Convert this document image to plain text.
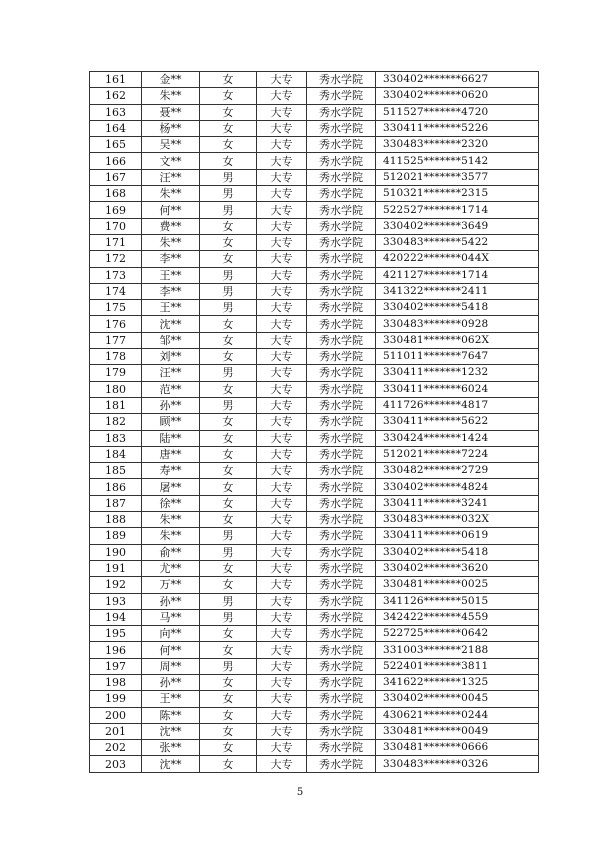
161	金**	女	大专	秀水学院	330402*******6627
162	朱**	女	大专	秀水学院	330402*******0620
163	聂**	女	大专	秀水学院	511527*******4720
164	杨**	女	大专	秀水学院	330411*******5226
165	吴**	女	大专	秀水学院	330483*******2320
166	文**	女	大专	秀水学院	411525*******5142
167	汪**	男	大专	秀水学院	512021*******3577
168	朱**	男	大专	秀水学院	510321*******2315
169	何**	男	大专	秀水学院	522527*******1714
170	费**	女	大专	秀水学院	330402*******3649
171	朱**	女	大专	秀水学院	330483*******5422
172	李**	女	大专	秀水学院	420222*******044X
173	王**	男	大专	秀水学院	421127*******1714
174	李**	男	大专	秀水学院	341322*******2411
175	王**	男	大专	秀水学院	330402*******5418
176	沈**	女	大专	秀水学院	330483*******0928
177	邹**	女	大专	秀水学院	330481*******062X
178	刘**	女	大专	秀水学院	511011*******7647
179	汪**	男	大专	秀水学院	330411*******1232
180	范**	女	大专	秀水学院	330411*******6024
181	孙**	男	大专	秀水学院	411726*******4817
182	顾**	女	大专	秀水学院	330411*******5622
183	陆**	女	大专	秀水学院	330424*******1424
184	唐**	女	大专	秀水学院	512021*******7224
185	寿**	女	大专	秀水学院	330482*******2729
186	屠**	女	大专	秀水学院	330402*******4824
187	徐**	女	大专	秀水学院	330411*******3241
188	朱**	女	大专	秀水学院	330483*******032X
189	朱**	男	大专	秀水学院	330411*******0619
190	俞**	男	大专	秀水学院	330402*******5418
191	尤**	女	大专	秀水学院	330402*******3620
192	万**	女	大专	秀水学院	330481*******0025
193	孙**	男	大专	秀水学院	341126*******5015
194	马**	男	大专	秀水学院	342422*******4559
195	向**	女	大专	秀水学院	522725*******0642
196	何**	女	大专	秀水学院	331003*******2188
197	周**	男	大专	秀水学院	522401*******3811
198	孙**	女	大专	秀水学院	341622*******1325
199	王**	女	大专	秀水学院	330402*******0045
200	陈**	女	大专	秀水学院	430621*******0244
201	沈**	女	大专	秀水学院	330481*******0049
202	张**	女	大专	秀水学院	330481*******0666
203	沈**	女	大专	秀水学院	330483*******0326
5
